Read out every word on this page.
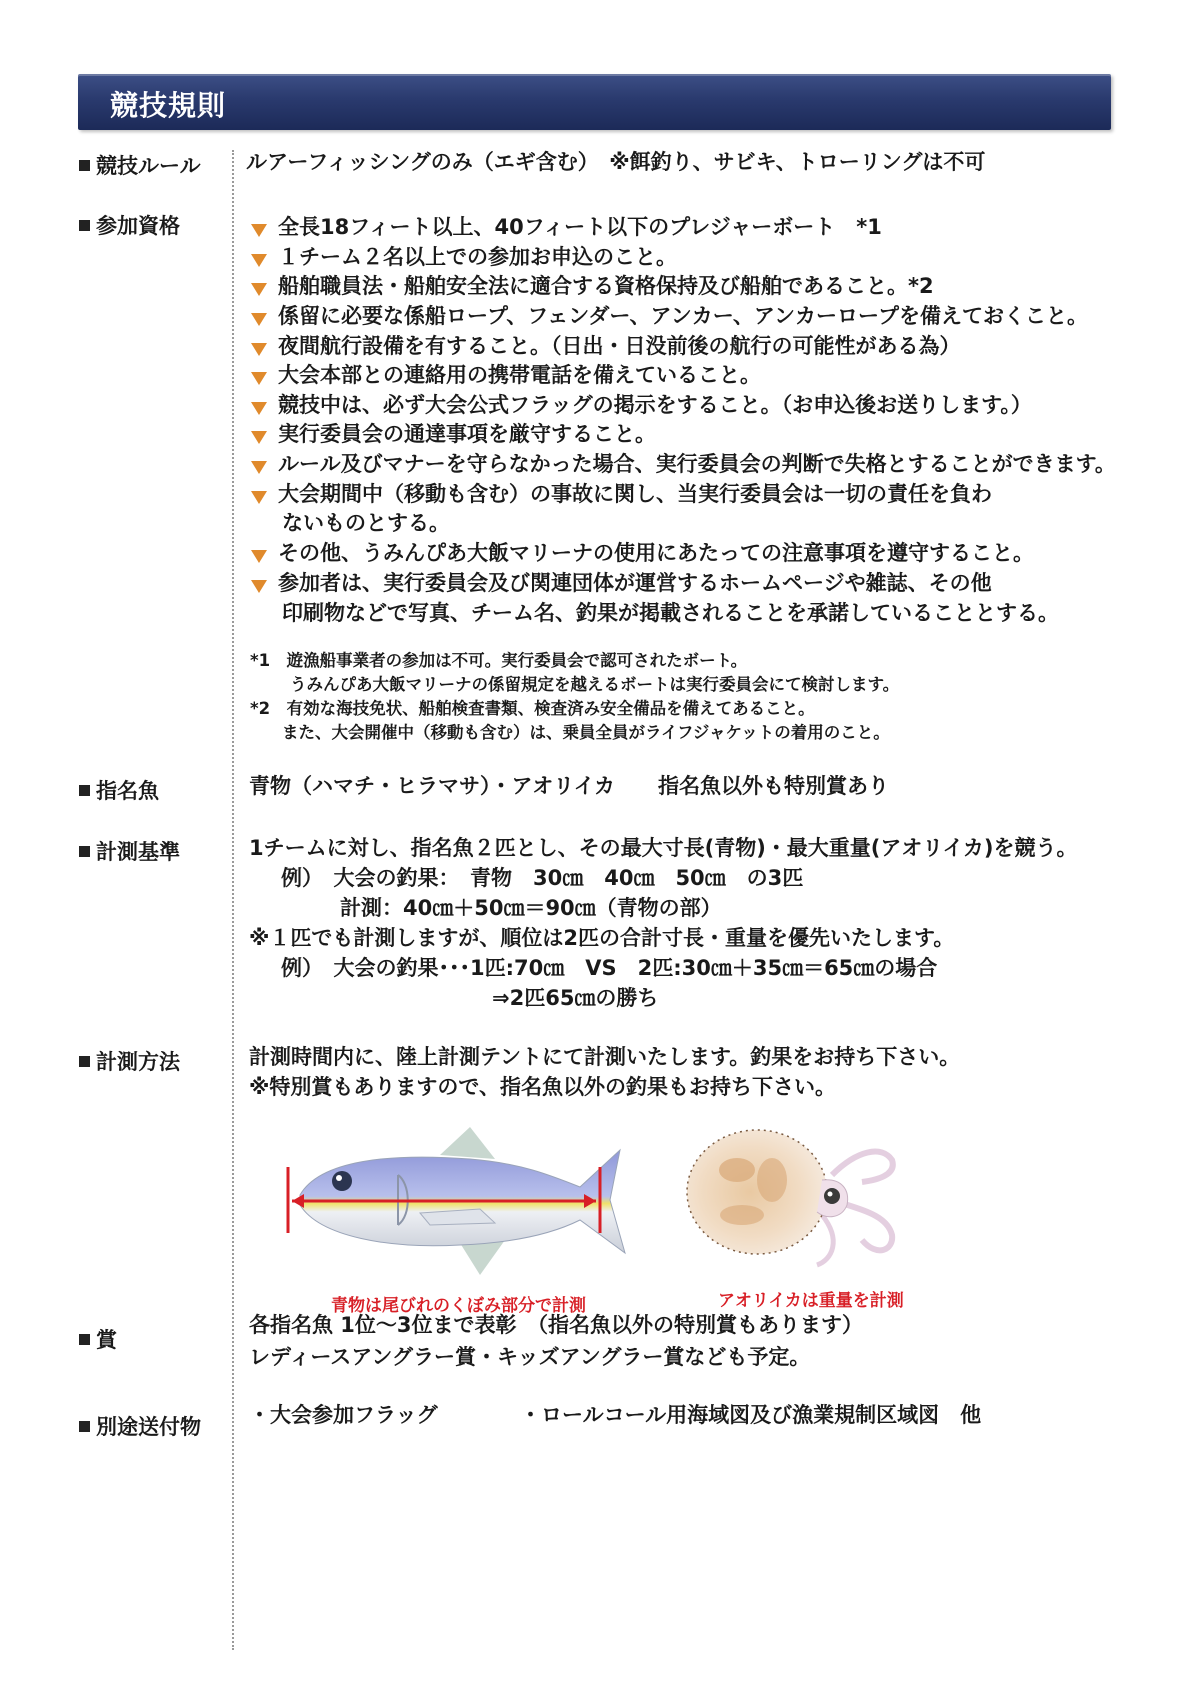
競技規則
競技ルール ルアーフィッシングのみ（エギ含む）　※餌釣り、サビキ、トローリングは不可
参加資格	全長18フィート以上、40フィート以下のプレジャーボート　*1
１チーム２名以上での参加お申込のこと。
船舶職員法・船舶安全法に適合する資格保持及び船舶であること。*2
係留に必要な係船ロープ、フェンダー、アンカー、アンカーロープを備えておくこと。
夜間航行設備を有すること。（日出・日没前後の航行の可能性がある為）
大会本部との連絡用の携帯電話を備えていること。
競技中は、必ず大会公式フラッグの掲示をすること。（お申込後お送りします。）
実行委員会の通達事項を厳守すること。
ルール及びマナーを守らなかった場合、実行委員会の判断で失格とすることができます。
大会期間中（移動も含む）の事故に関し、当実行委員会は一切の責任を負わ
ないものとする。
その他、うみんぴあ大飯マリーナの使用にあたっての注意事項を遵守すること。
参加者は、実行委員会及び関連団体が運営するホームページや雑誌、その他
印刷物などで写真、チーム名、釣果が掲載されることを承諾していることとする。
*1　遊漁船事業者の参加は不可。実行委員会で認可されたボート。
うみんぴあ大飯マリーナの係留規定を越えるボートは実行委員会にて検討します。
*2　有効な海技免状、船舶検査書類、検査済み安全備品を備えてあること。
また、大会開催中（移動も含む）は、乗員全員がライフジャケットの着用のこと。
指名魚	青物（ハマチ・ヒラマサ）・アオリイカ 指名魚以外も特別賞あり
計測基準	1チームに対し、指名魚２匹とし、その最大寸長(青物)・最大重量(アオリイカ)を競う。
例）　大会の釣果：　青物　30㎝　40㎝　50㎝　の3匹
計測：40㎝＋50㎝＝90㎝（青物の部）
※１匹でも計測しますが、順位は2匹の合計寸長・重量を優先いたします。
例）　大会の釣果･･･1匹:70㎝　VS　2匹:30㎝＋35㎝＝65㎝の場合
⇒2匹65㎝の勝ち
計測方法	計測時間内に、陸上計測テントにて計測いたします。釣果をお持ち下さい。
※特別賞もありますので、指名魚以外の釣果もお持ち下さい。
青物は尾びれのくぼみ部分で計測	アオリイカは重量を計測
賞
各指名魚 1位～3位まで表彰　（指名魚以外の特別賞もあります）
レディースアングラー賞・キッズアングラー賞なども予定。
別途送付物 ・大会参加フラッグ	・ロールコール用海域図及び漁業規制区域図　他
